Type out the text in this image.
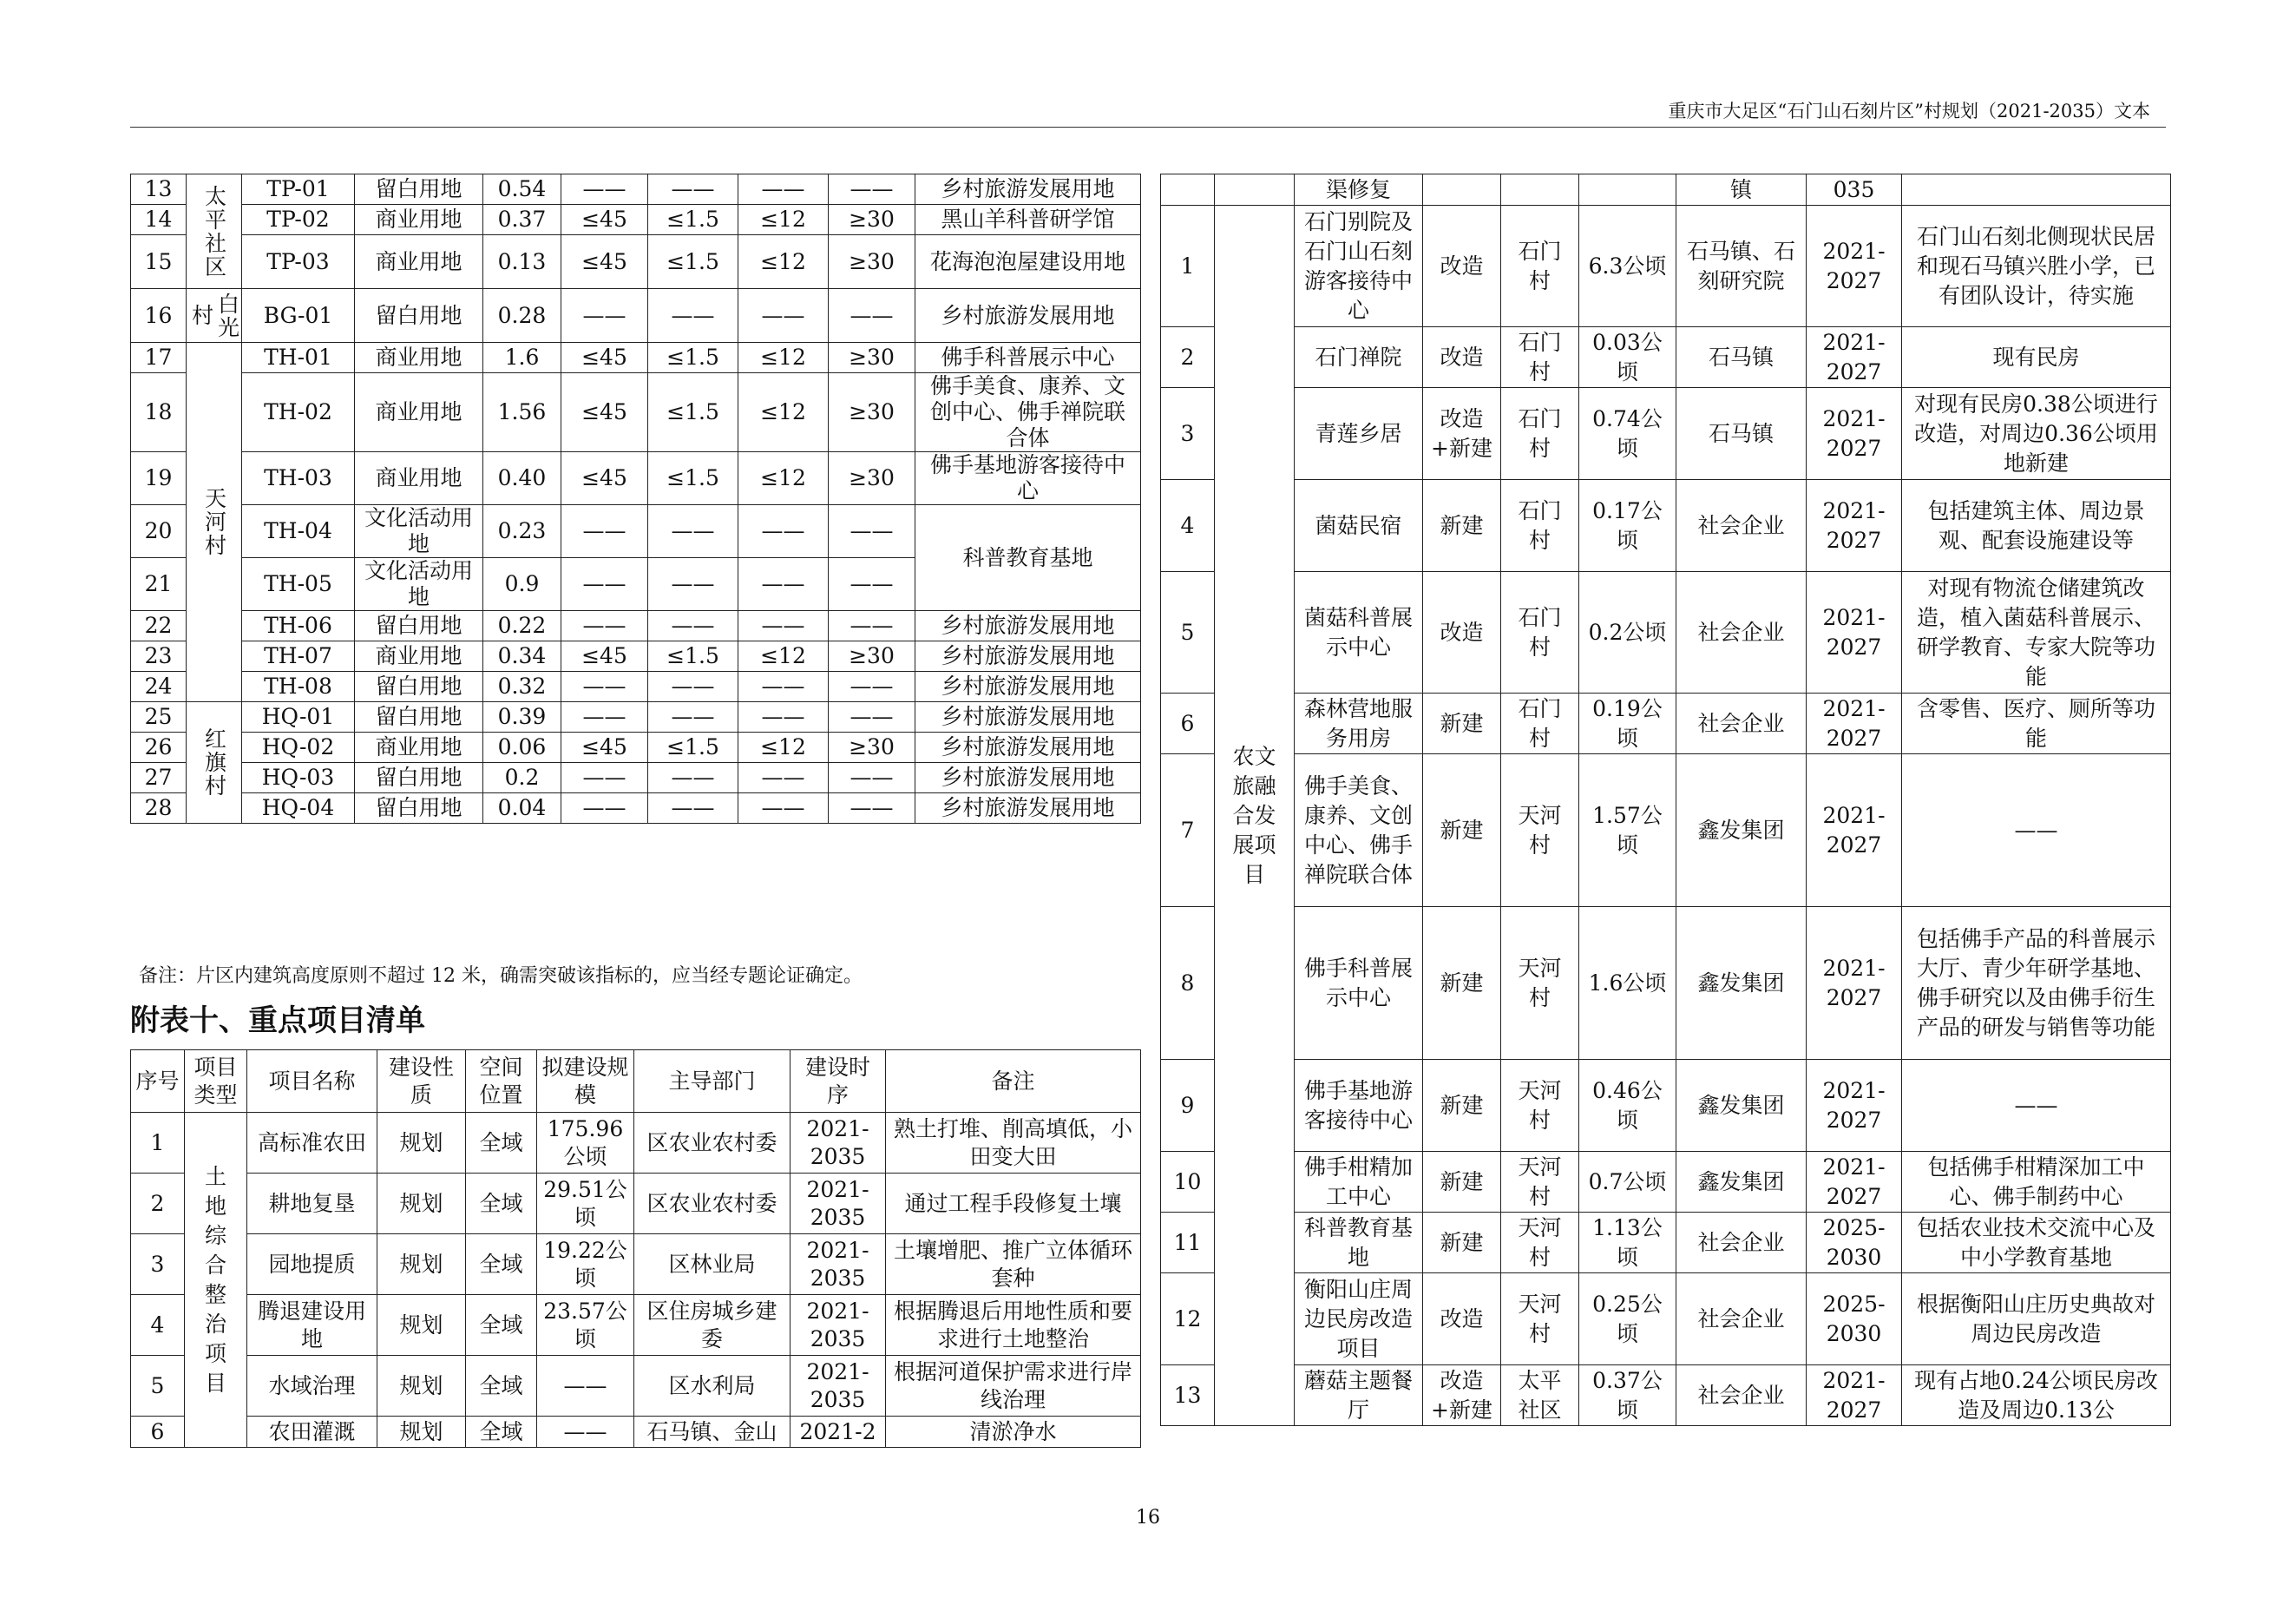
重庆市大足区“石门山石刻片区”村规划（2021-2035）文本
13	太平社区	TP-01	留白用地	0.54	——	——	——	——	乡村旅游发展用地
14		TP-02	商业用地	0.37	≤45	≤1.5	≤12	≥30	黑山羊科普研学馆
15		TP-03	商业用地	0.13	≤45	≤1.5	≤12	≥30	花海泡泡屋建设用地
16	白光村	BG-01	留白用地	0.28	——	——	——	——	乡村旅游发展用地
17	天河村	TH-01	商业用地	1.6	≤45	≤1.5	≤12	≥30	佛手科普展示中心
18		TH-02	商业用地	1.56	≤45	≤1.5	≤12	≥30	佛手美食、康养、文创中心、佛手禅院联合体
19		TH-03	商业用地	0.40	≤45	≤1.5	≤12	≥30	佛手基地游客接待中心
20		TH-04	文化活动用地	0.23	——	——	——	——	科普教育基地
21		TH-05	文化活动用地	0.9	——	——	——	——	
22		TH-06	留白用地	0.22	——	——	——	——	乡村旅游发展用地
23		TH-07	商业用地	0.34	≤45	≤1.5	≤12	≥30	乡村旅游发展用地
24		TH-08	留白用地	0.32	——	——	——	——	乡村旅游发展用地
25	红旗村	HQ-01	留白用地	0.39	——	——	——	——	乡村旅游发展用地
26		HQ-02	商业用地	0.06	≤45	≤1.5	≤12	≥30	乡村旅游发展用地
27		HQ-03	留白用地	0.2	——	——	——	——	乡村旅游发展用地
28		HQ-04	留白用地	0.04	——	——	——	——	乡村旅游发展用地
备注：片区内建筑高度原则不超过 12 米，确需突破该指标的，应当经专题论证确定。
附表十、重点项目清单
序号	项目类型	项目名称	建设性质	空间位置	拟建设规模	主导部门	建设时序	备注
1	土地综合整治项目	高标准农田	规划	全域	175.96公顷	区农业农村委	2021-2035	熟土打堆、削高填低，小田变大田
2		耕地复垦	规划	全域	29.51公顷	区农业农村委	2021-2035	通过工程手段修复土壤
3		园地提质	规划	全域	19.22公顷	区林业局	2021-2035	土壤增肥、推广立体循环套种
4		腾退建设用地	规划	全域	23.57公顷	区住房城乡建委	2021-2035	根据腾退后用地性质和要求进行土地整治
5		水域治理	规划	全域	——	区水利局	2021-2035	根据河道保护需求进行岸线治理
6		农田灌溉	规划	全域	——	石马镇、金山	2021-2	清淤净水
		渠修复				镇	035	
1	农文旅融合发展项目	石门别院及石门山石刻游客接待中心	改造	石门村	6.3公顷	石马镇、石刻研究院	2021-2027	石门山石刻北侧现状民居和现石马镇兴胜小学，已有团队设计，待实施
2		石门禅院	改造	石门村	0.03公顷	石马镇	2021-2027	现有民房
3		青莲乡居	改造+新建	石门村	0.74公顷	石马镇	2021-2027	对现有民房0.38公顷进行改造，对周边0.36公顷用地新建
4		菌菇民宿	新建	石门村	0.17公顷	社会企业	2021-2027	包括建筑主体、周边景观、配套设施建设等
5		菌菇科普展示中心	改造	石门村	0.2公顷	社会企业	2021-2027	对现有物流仓储建筑改造，植入菌菇科普展示、研学教育、专家大院等功能
6		森林营地服务用房	新建	石门村	0.19公顷	社会企业	2021-2027	含零售、医疗、厕所等功能
7		佛手美食、康养、文创中心、佛手禅院联合体	新建	天河村	1.57公顷	鑫发集团	2021-2027	——
8		佛手科普展示中心	新建	天河村	1.6公顷	鑫发集团	2021-2027	包括佛手产品的科普展示大厅、青少年研学基地、佛手研究以及由佛手衍生产品的研发与销售等功能
9		佛手基地游客接待中心	新建	天河村	0.46公顷	鑫发集团	2021-2027	——
10		佛手柑精加工中心	新建	天河村	0.7公顷	鑫发集团	2021-2027	包括佛手柑精深加工中心、佛手制药中心
11		科普教育基地	新建	天河村	1.13公顷	社会企业	2025-2030	包括农业技术交流中心及中小学教育基地
12		衡阳山庄周边民房改造项目	改造	天河村	0.25公顷	社会企业	2025-2030	根据衡阳山庄历史典故对周边民房改造
13		蘑菇主题餐厅	改造+新建	太平社区	0.37公顷	社会企业	2021-2027	现有占地0.24公顷民房改造及周边0.13公
16
